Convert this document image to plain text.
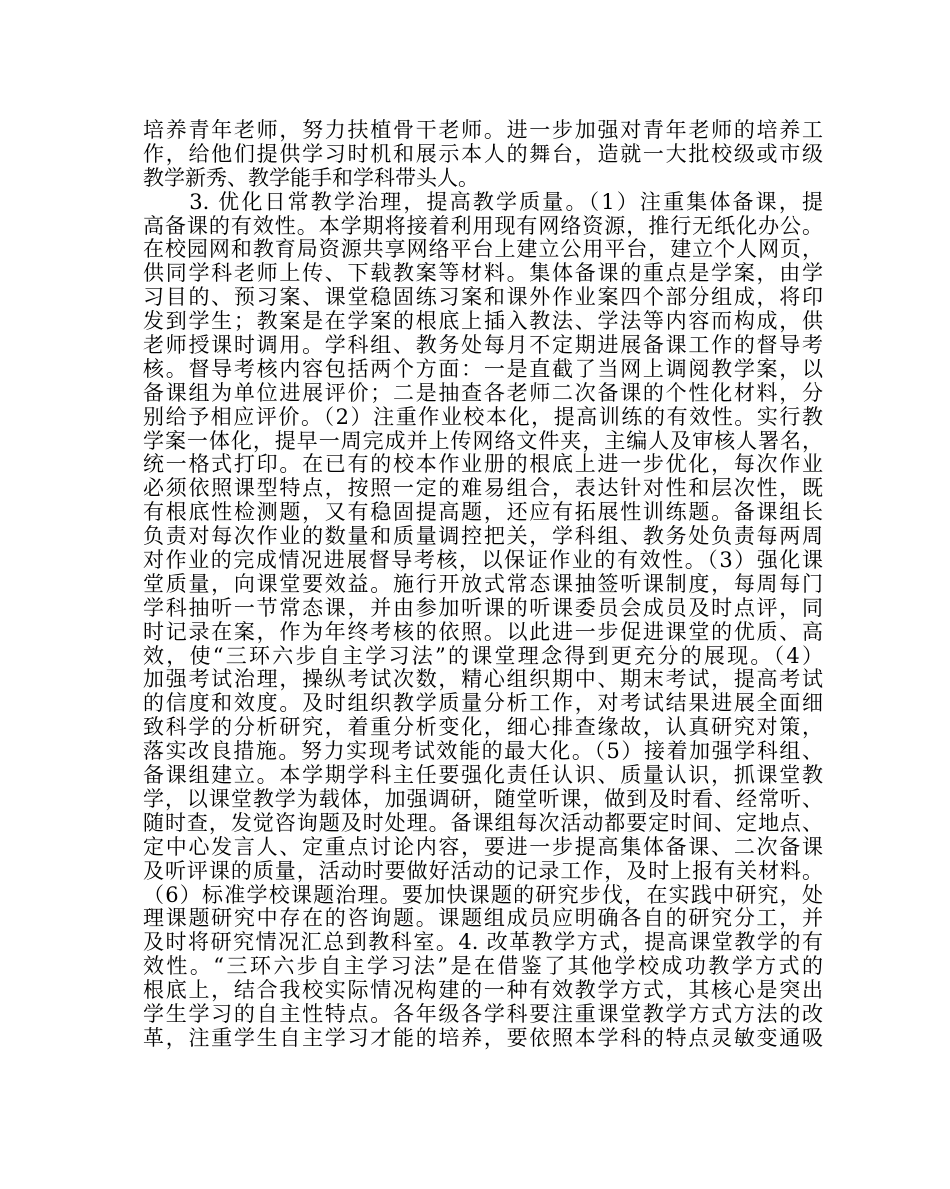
培养青年老师，努力扶植骨干老师。进一步加强对青年老师的培养工
作，给他们提供学习时机和展示本人的舞台，造就一大批校级或市级
教学新秀、教学能手和学科带头人。
　　3. 优化日常教学治理，提高教学质量。（1）注重集体备课，提
高备课的有效性。本学期将接着利用现有网络资源，推行无纸化办公。
在校园网和教育局资源共享网络平台上建立公用平台，建立个人网页，
供同学科老师上传、下载教案等材料。集体备课的重点是学案，由学
习目的、预习案、课堂稳固练习案和课外作业案四个部分组成，将印
发到学生；教案是在学案的根底上插入教法、学法等内容而构成，供
老师授课时调用。学科组、教务处每月不定期进展备课工作的督导考
核。督导考核内容包括两个方面：一是直截了当网上调阅教学案，以
备课组为单位进展评价；二是抽查各老师二次备课的个性化材料，分
别给予相应评价。（2）注重作业校本化，提高训练的有效性。实行教
学案一体化，提早一周完成并上传网络文件夹，主编人及审核人署名，
统一格式打印。在已有的校本作业册的根底上进一步优化，每次作业
必须依照课型特点，按照一定的难易组合，表达针对性和层次性，既
有根底性检测题，又有稳固提高题，还应有拓展性训练题。备课组长
负责对每次作业的数量和质量调控把关，学科组、教务处负责每两周
对作业的完成情况进展督导考核，以保证作业的有效性。（3）强化课
堂质量，向课堂要效益。施行开放式常态课抽签听课制度，每周每门
学科抽听一节常态课，并由参加听课的听课委员会成员及时点评，同
时记录在案，作为年终考核的依照。以此进一步促进课堂的优质、高
效，使“三环六步自主学习法”的课堂理念得到更充分的展现。（4）
加强考试治理，操纵考试次数，精心组织期中、期末考试，提高考试
的信度和效度。及时组织教学质量分析工作，对考试结果进展全面细
致科学的分析研究，着重分析变化，细心排查缘故，认真研究对策，
落实改良措施。努力实现考试效能的最大化。（5）接着加强学科组、
备课组建立。本学期学科主任要强化责任认识、质量认识，抓课堂教
学，以课堂教学为载体，加强调研，随堂听课，做到及时看、经常听、
随时查，发觉咨询题及时处理。备课组每次活动都要定时间、定地点、
定中心发言人、定重点讨论内容，要进一步提高集体备课、二次备课
及听评课的质量，活动时要做好活动的记录工作，及时上报有关材料。
（6）标准学校课题治理。要加快课题的研究步伐，在实践中研究，处
理课题研究中存在的咨询题。课题组成员应明确各自的研究分工，并
及时将研究情况汇总到教科室。4. 改革教学方式，提高课堂教学的有
效性。“三环六步自主学习法”是在借鉴了其他学校成功教学方式的
根底上，结合我校实际情况构建的一种有效教学方式，其核心是突出
学生学习的自主性特点。各年级各学科要注重课堂教学方式方法的改
革，注重学生自主学习才能的培养，要依照本学科的特点灵敏变通吸
